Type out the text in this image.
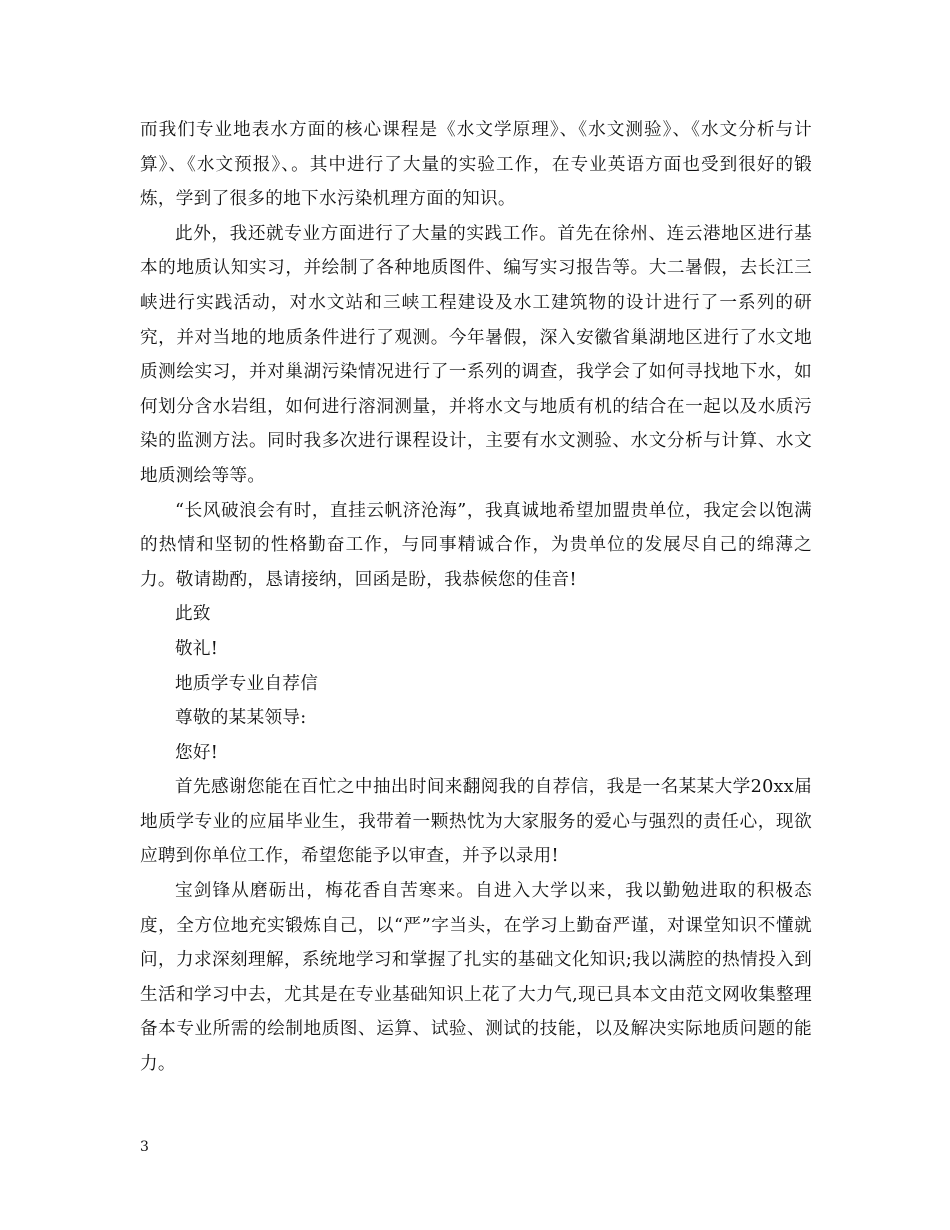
而我们专业地表水方面的核心课程是《水文学原理》、《水文测验》、《水文分析与计算》、《水文预报》、。其中进行了大量的实验工作，在专业英语方面也受到很好的锻炼，学到了很多的地下水污染机理方面的知识。

此外，我还就专业方面进行了大量的实践工作。首先在徐州、连云港地区进行基本的地质认知实习，并绘制了各种地质图件、编写实习报告等。大二暑假，去长江三峡进行实践活动，对水文站和三峡工程建设及水工建筑物的设计进行了一系列的研究，并对当地的地质条件进行了观测。今年暑假，深入安徽省巢湖地区进行了水文地质测绘实习，并对巢湖污染情况进行了一系列的调查，我学会了如何寻找地下水，如何划分含水岩组，如何进行溶洞测量，并将水文与地质有机的结合在一起以及水质污染的监测方法。同时我多次进行课程设计，主要有水文测验、水文分析与计算、水文地质测绘等等。

“长风破浪会有时，直挂云帆济沧海”，我真诚地希望加盟贵单位，我定会以饱满的热情和坚韧的性格勤奋工作，与同事精诚合作，为贵单位的发展尽自己的绵薄之力。敬请勘酌，恳请接纳，回函是盼，我恭候您的佳音!

此致

敬礼!

地质学专业自荐信

尊敬的某某领导:

您好!

首先感谢您能在百忙之中抽出时间来翻阅我的自荐信，我是一名某某大学20xx届地质学专业的应届毕业生，我带着一颗热忱为大家服务的爱心与强烈的责任心，现欲应聘到你单位工作，希望您能予以审查，并予以录用!

宝剑锋从磨砺出，梅花香自苦寒来。自进入大学以来，我以勤勉进取的积极态度，全方位地充实锻炼自己，以“严”字当头，在学习上勤奋严谨，对课堂知识不懂就问，力求深刻理解，系统地学习和掌握了扎实的基础文化知识;我以满腔的热情投入到生活和学习中去，尤其是在专业基础知识上花了大力气,现已具本文由范文网收集整理备本专业所需的绘制地质图、运算、试验、测试的技能，以及解决实际地质问题的能力。

3
